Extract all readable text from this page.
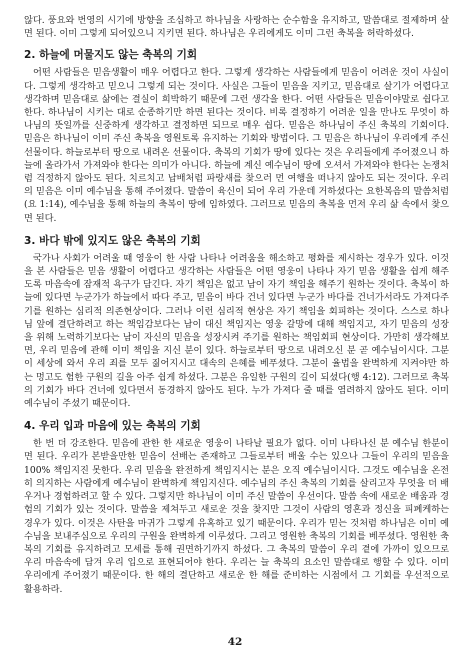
않다. 풍요와 번영의 시기에 방향을 조심하고 하나님을 사랑하는 순수함을 유지하고, 말씀대로 절제하며 살면 된다. 이미 그렇게 되어있으니 지키면 된다. 하나님은 우리에게도 이미 그런 축복을 허락하셨다.

2. 하늘에 머물지도 않는 축복의 기회

어떤 사람들은 믿음생활이 매우 어렵다고 한다. 그렇게 생각하는 사람들에게 믿음이 어려운 것이 사실이다. 그렇게 생각하고 믿으니 그렇게 되는 것이다. 사실은 그들이 믿음을 지키고, 믿음대로 살기가 어렵다고 생각하며 믿음대로 삶에는 결실이 희박하기 때문에 그런 생각을 한다. 어떤 사람들은 믿음이야말로 쉽다고 한다. 하나님이 시키는 대로 순종하기만 하면 된다는 것이다. 비록 결정하기 어려운 일을 만나도 무엇이 하나님의 뜻일까를 신중하게 생각하고 결정하면 되므로 매우 쉽다. 믿음은 하나님이 주신 축복의 기회이다. 믿음은 하나님이 이미 주신 축복을 영원토록 유지하는 기회와 방법이다. 그 믿음은 하나님이 우리에게 주신 선물이다. 하늘로부터 땅으로 내려온 선물이다. 축복의 기회가 땅에 있다는 것은 우리들에게 주어졌으니 하늘에 올라가서 가져와야 한다는 의미가 아니다. 하늘에 계신 예수님이 땅에 오셔서 가져와야 한다는 논쟁처럼 걱정하지 않아도 된다. 치르치고 납배처럼 파랑새를 찾으러 먼 여행을 떠나지 않아도 되는 것이다. 우리의 믿음은 이미 예수님을 통해 주어졌다. 말씀이 육신이 되어 우리 가운데 거하셨다는 요한복음의 말씀처럼(요 1:14), 예수님을 통해 하늘의 축복이 땅에 임하였다. 그러므로 믿음의 축복을 먼저 우리 삶 속에서 찾으면 된다.

3. 바다 밖에 있지도 않은 축복의 기회

국가나 사회가 어려울 때 영웅이 한 사람 나타나 어려움을 해소하고 평화를 제시하는 경우가 있다. 이것을 본 사람들은 믿음 생활이 어렵다고 생각하는 사람들은 어떤 영웅이 나타나 자기 믿음 생활을 쉽게 해주도록 마음속에 잠재적 욕구가 담긴다. 자기 책임은 없고 남이 자기 책임을 해주기 원하는 것이다. 축복이 하늘에 있다면 누군가가 하늘에서 따다 주고, 믿음이 바다 건너 있다면 누군가 바다를 건너가서라도 가져다주기를 원하는 심리적 의존현상이다. 그러나 이런 심리적 현상은 자기 책임을 회피하는 것이다. 스스로 하나님 앞에 결단하려고 하는 책임감보다는 남이 대신 책임지는 영웅 갈망에 대해 책임지고, 자기 믿음의 성장을 위해 노력하기보다는 남이 자신의 믿음을 성장시켜 주기를 원하는 책임회피 현상이다. 가만히 생각해보면, 우리 믿음에 관해 이미 책임을 지신 분이 있다. 하늘로부터 땅으로 내려오신 분 곧 예수님이시다. 그분이 세상에 와서 우리 죄를 모두 짊어지시고 대속의 은혜를 베푸셨다. 그분이 율법을 완벽하게 지켜야만 하는 멍고도 험한 구원의 길을 아주 쉽게 하셨다. 그분은 유일한 구원의 길이 되셨다(행 4:12). 그러므로 축복의 기회가 바다 건너에 있다면서 동경하지 않아도 된다. 누가 가져다 줄 때를 염려하지 않아도 된다. 이미 예수님이 주셨기 때문이다.

4. 우리 입과 마음에 있는 축복의 기회

한 번 더 강조한다. 믿음에 관한 한 새로운 영웅이 나타날 필요가 없다. 이미 나타나신 분 예수님 한분이면 된다. 우리가 본받을만한 믿음이 선배는 존재하고 그들로부터 배울 수는 있으나 그들이 우리의 믿음을 100% 책임지진 못한다. 우리 믿음을 완전하게 책임지시는 분은 오직 예수님이시다. 그것도 예수님을 온전히 의지하는 사람에게 예수님이 완벽하게 책임지신다. 예수님의 주신 축복의 기회를 살리고자 무엇을 더 배우거나 경험하려고 할 수 있다. 그렇지만 하나님이 이미 주신 말씀이 우선이다. 말씀 속에 새로운 배움과 경험의 기회가 있는 것이다. 말씀을 제쳐두고 새로운 것을 찾지만 그것이 사람의 영혼과 정신을 피폐케하는 경우가 있다. 이것은 사탄을 마귀가 그렇게 유혹하고 있기 때문이다. 우리가 믿는 것처럼 하나님은 이미 예수님을 보내주심으로 우리의 구원을 완벽하게 이루셨다. 그리고 영원한 축복의 기회를 베푸셨다. 영원한 축복의 기회를 유지하려고 모세를 통해 권면하기까지 하셨다. 그 축복의 말씀이 우리 곁에 가까이 있으므로 우리 마음속에 담겨 우리 입으로 표현되어야 한다. 우리는 늘 축복의 요소인 말씀대로 행할 수 있다. 이미 우리에게 주어졌기 때문이다. 한 해의 결단하고 새로운 한 해를 준비하는 시점에서 그 기회를 우선적으로 활용하라.

42
